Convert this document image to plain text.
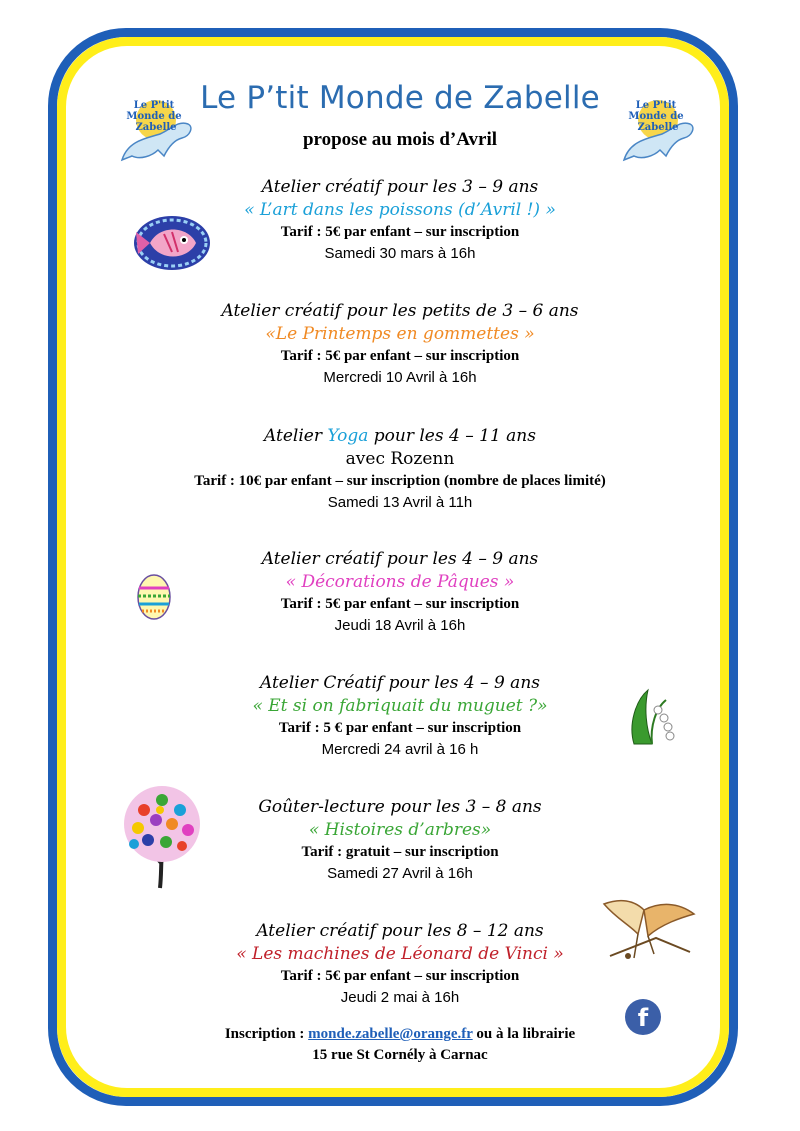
Le P'tit
Monde de
Zabelle
Le P'tit
Monde de
Zabelle
Le P’tit Monde de Zabelle
propose au mois d’Avril
Atelier créatif pour les 3 – 9 ans
« L’art dans les poissons (d’Avril !) »
Tarif : 5€ par enfant – sur inscription
Samedi 30 mars à 16h
Atelier créatif pour les petits de 3 – 6 ans
«Le Printemps en gommettes »
Tarif : 5€ par enfant – sur inscription
Mercredi 10 Avril à 16h
Atelier Yoga pour les 4 – 11 ans
avec Rozenn
Tarif : 10€ par enfant – sur inscription (nombre de places limité)
Samedi 13 Avril à 11h
Atelier créatif pour les 4 – 9 ans
« Décorations de Pâques »
Tarif : 5€ par enfant – sur inscription
Jeudi 18 Avril à 16h
Atelier Créatif pour les 4 – 9 ans
« Et si on fabriquait du muguet ?»
Tarif : 5 € par enfant – sur inscription
Mercredi 24 avril à 16 h
Goûter-lecture pour les 3 – 8 ans
« Histoires d’arbres»
Tarif : gratuit – sur inscription
Samedi 27 Avril à 16h
Atelier créatif pour les 8 – 12 ans
« Les machines de Léonard de Vinci »
Tarif : 5€ par enfant – sur inscription
Jeudi 2 mai à 16h
Inscription : monde.zabelle@orange.fr ou à la librairie
15 rue St Cornély à Carnac
f
